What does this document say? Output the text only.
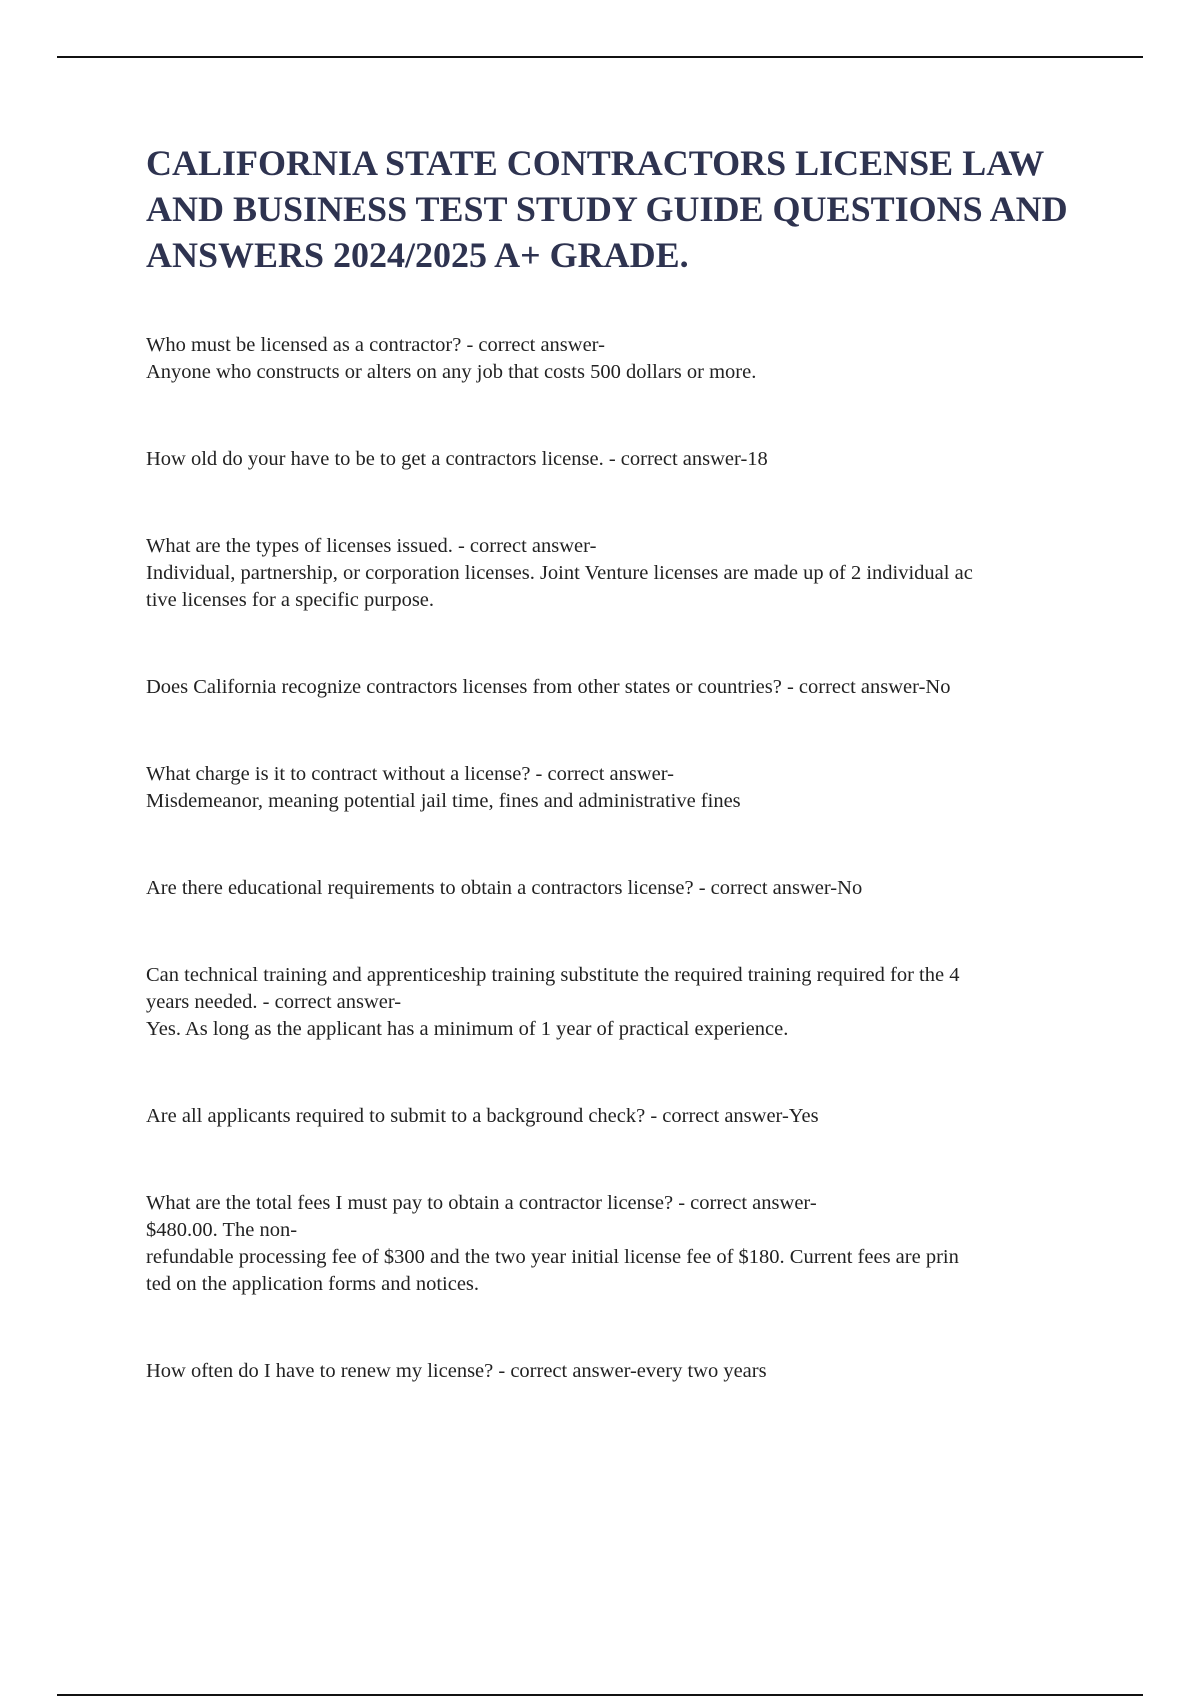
CALIFORNIA STATE CONTRACTORS LICENSE LAW
AND BUSINESS TEST STUDY GUIDE QUESTIONS AND
ANSWERS 2024/2025 A+ GRADE.
Who must be licensed as a contractor? - correct answer-
Anyone who constructs or alters on any job that costs 500 dollars or more.
How old do your have to be to get a contractors license. - correct answer-18
What are the types of licenses issued. - correct answer-
Individual, partnership, or corporation licenses. Joint Venture licenses are made up of 2 individual ac
tive licenses for a specific purpose.
Does California recognize contractors licenses from other states or countries? - correct answer-No
What charge is it to contract without a license? - correct answer-
Misdemeanor, meaning potential jail time, fines and administrative fines
Are there educational requirements to obtain a contractors license? - correct answer-No
Can technical training and apprenticeship training substitute the required training required for the 4
years needed. - correct answer-
Yes. As long as the applicant has a minimum of 1 year of practical experience.
Are all applicants required to submit to a background check? - correct answer-Yes
What are the total fees I must pay to obtain a contractor license? - correct answer-
$480.00. The non-
refundable processing fee of $300 and the two year initial license fee of $180. Current fees are prin
ted on the application forms and notices.
How often do I have to renew my license? - correct answer-every two years
